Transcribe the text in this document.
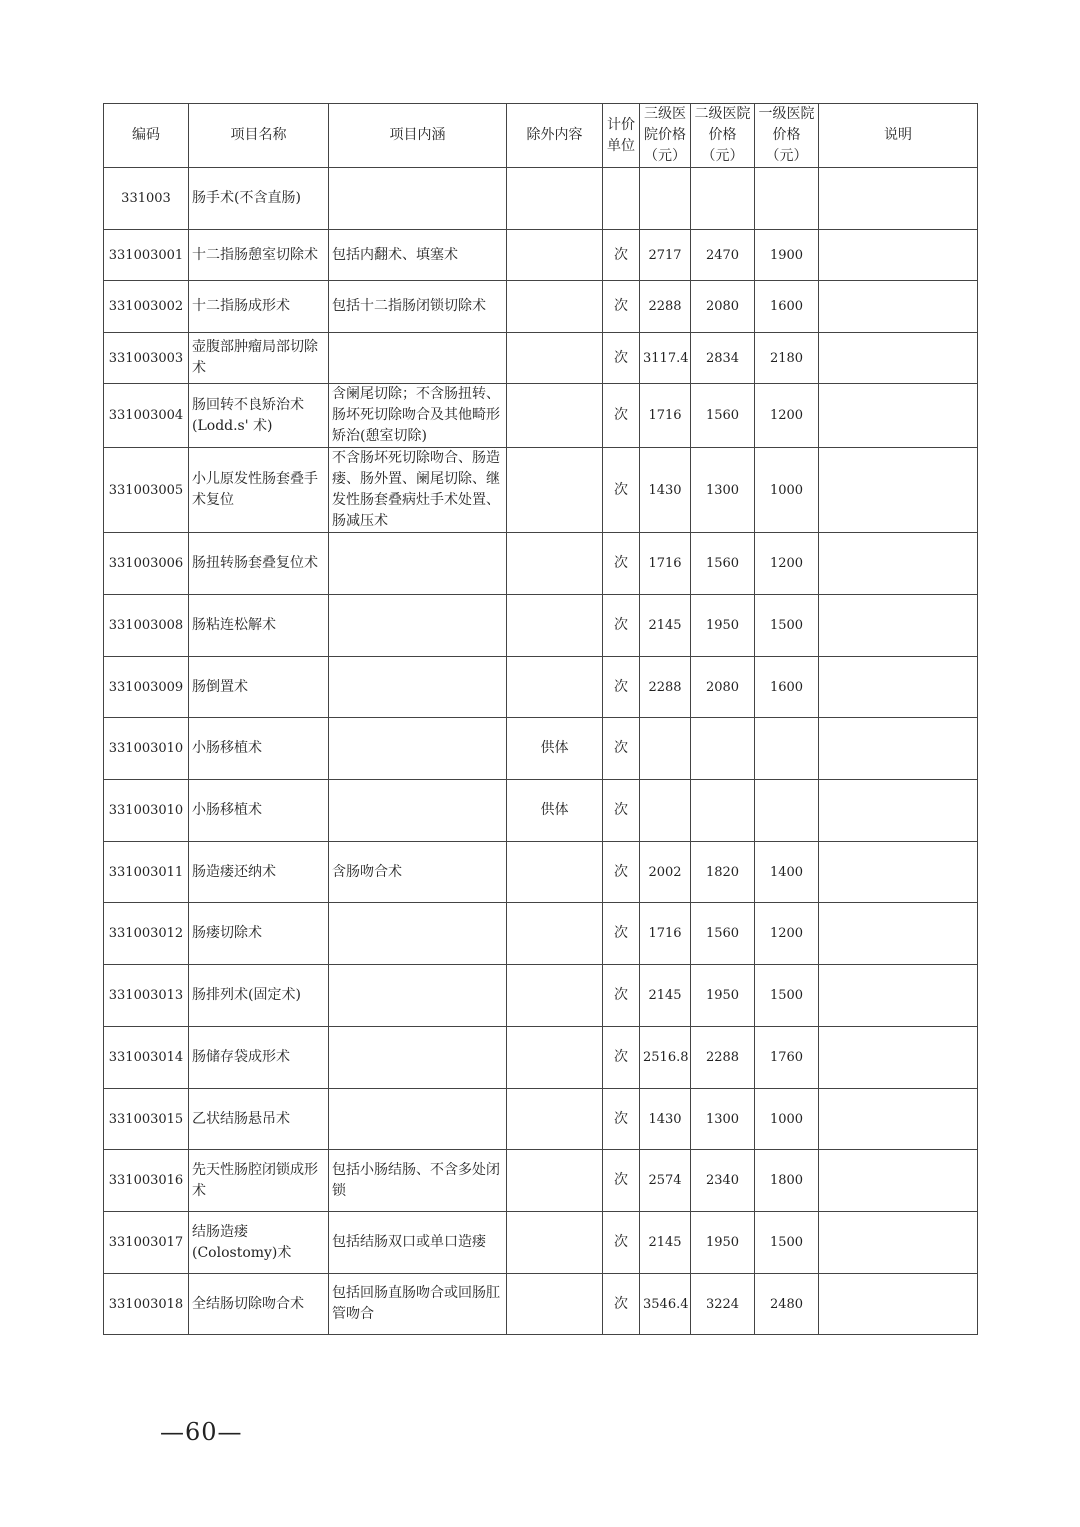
编码	项目名称	项目内涵	除外内容	计价单位	三级医院价格（元）	二级医院价格（元）	一级医院价格（元）	说明
331003	肠手术(不含直肠)							
331003001	十二指肠憩室切除术	包括内翻术、填塞术		次	2717	2470	1900	
331003002	十二指肠成形术	包括十二指肠闭锁切除术		次	2288	2080	1600	
331003003	壶腹部肿瘤局部切除术			次	3117.4	2834	2180	
331003004	肠回转不良矫治术(Lodd.s' 术)	含阑尾切除；不含肠扭转、肠坏死切除吻合及其他畸形矫治(憩室切除)		次	1716	1560	1200	
331003005	小儿原发性肠套叠手术复位	不含肠坏死切除吻合、肠造瘘、肠外置、阑尾切除、继发性肠套叠病灶手术处置、肠减压术		次	1430	1300	1000	
331003006	肠扭转肠套叠复位术			次	1716	1560	1200	
331003008	肠粘连松解术			次	2145	1950	1500	
331003009	肠倒置术			次	2288	2080	1600	
331003010	小肠移植术		供体	次				
331003010	小肠移植术		供体	次				
331003011	肠造瘘还纳术	含肠吻合术		次	2002	1820	1400	
331003012	肠瘘切除术			次	1716	1560	1200	
331003013	肠排列术(固定术)			次	2145	1950	1500	
331003014	肠储存袋成形术			次	2516.8	2288	1760	
331003015	乙状结肠悬吊术			次	1430	1300	1000	
331003016	先天性肠腔闭锁成形术	包括小肠结肠、不含多处闭锁		次	2574	2340	1800	
331003017	结肠造瘘(Colostomy)术	包括结肠双口或单口造瘘		次	2145	1950	1500	
331003018	全结肠切除吻合术	包括回肠直肠吻合或回肠肛管吻合		次	3546.4	3224	2480	
—60—
